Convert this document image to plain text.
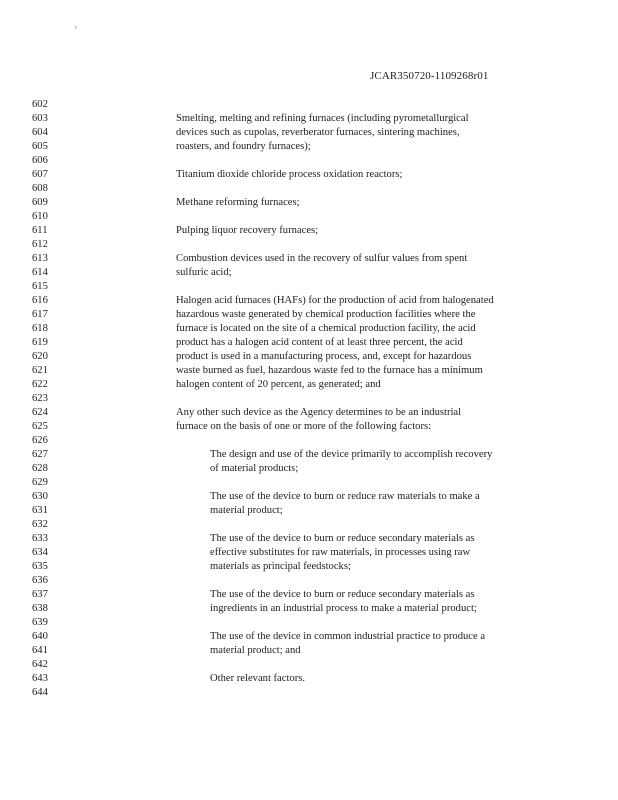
'
JCAR350720-1109268r01
602
603	Smelting, melting and refining furnaces (including pyrometallurgical
604	devices such as cupolas, reverberator furnaces, sintering machines,
605	roasters, and foundry furnaces);
606
607	Titanium dioxide chloride process oxidation reactors;
608
609	Methane reforming furnaces;
610
611	Pulping liquor recovery furnaces;
612
613	Combustion devices used in the recovery of sulfur values from spent
614	sulfuric acid;
615
616	Halogen acid furnaces (HAFs) for the production of acid from halogenated
617	hazardous waste generated by chemical production facilities where the
618	furnace is located on the site of a chemical production facility, the acid
619	product has a halogen acid content of at least three percent, the acid
620	product is used in a manufacturing process, and, except for hazardous
621	waste burned as fuel, hazardous waste fed to the furnace has a minimum
622	halogen content of 20 percent, as generated; and
623
624	Any other such device as the Agency determines to be an industrial
625	furnace on the basis of one or more of the following factors:
626
627	The design and use of the device primarily to accomplish recovery
628	of material products;
629
630	The use of the device to burn or reduce raw materials to make a
631	material product;
632
633	The use of the device to burn or reduce secondary materials as
634	effective substitutes for raw materials, in processes using raw
635	materials as principal feedstocks;
636
637	The use of the device to burn or reduce secondary materials as
638	ingredients in an industrial process to make a material product;
639
640	The use of the device in common industrial practice to produce a
641	material product; and
642
643	Other relevant factors.
644
